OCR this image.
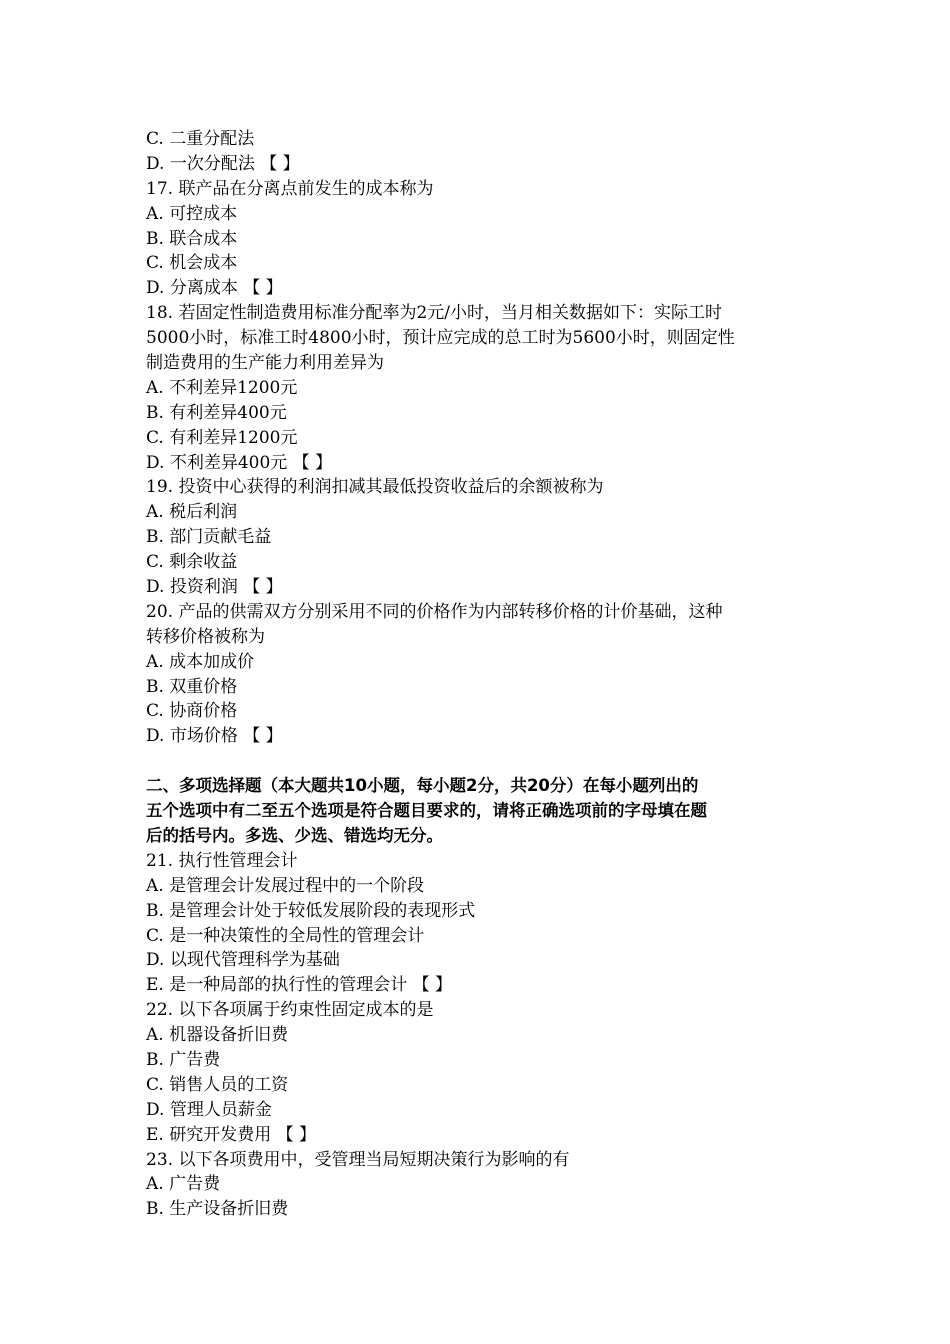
C. 二重分配法
D. 一次分配法 【 】
17. 联产品在分离点前发生的成本称为
A. 可控成本
B. 联合成本
C. 机会成本
D. 分离成本 【 】
18. 若固定性制造费用标准分配率为2元/小时，当月相关数据如下：实际工时
5000小时，标准工时4800小时，预计应完成的总工时为5600小时，则固定性
制造费用的生产能力利用差异为
A. 不利差异1200元
B. 有利差异400元
C. 有利差异1200元
D. 不利差异400元 【 】
19. 投资中心获得的利润扣减其最低投资收益后的余额被称为
A. 税后利润
B. 部门贡献毛益
C. 剩余收益
D. 投资利润 【 】
20. 产品的供需双方分别采用不同的价格作为内部转移价格的计价基础，这种
转移价格被称为
A. 成本加成价
B. 双重价格
C. 协商价格
D. 市场价格 【 】
二、多项选择题（本大题共10小题，每小题2分，共20分）在每小题列出的
五个选项中有二至五个选项是符合题目要求的，请将正确选项前的字母填在题
后的括号内。多选、少选、错选均无分。
21. 执行性管理会计
A. 是管理会计发展过程中的一个阶段
B. 是管理会计处于较低发展阶段的表现形式
C. 是一种决策性的全局性的管理会计
D. 以现代管理科学为基础
E. 是一种局部的执行性的管理会计 【 】
22. 以下各项属于约束性固定成本的是
A. 机器设备折旧费
B. 广告费
C. 销售人员的工资
D. 管理人员薪金
E. 研究开发费用 【 】
23. 以下各项费用中，受管理当局短期决策行为影响的有
A. 广告费
B. 生产设备折旧费
